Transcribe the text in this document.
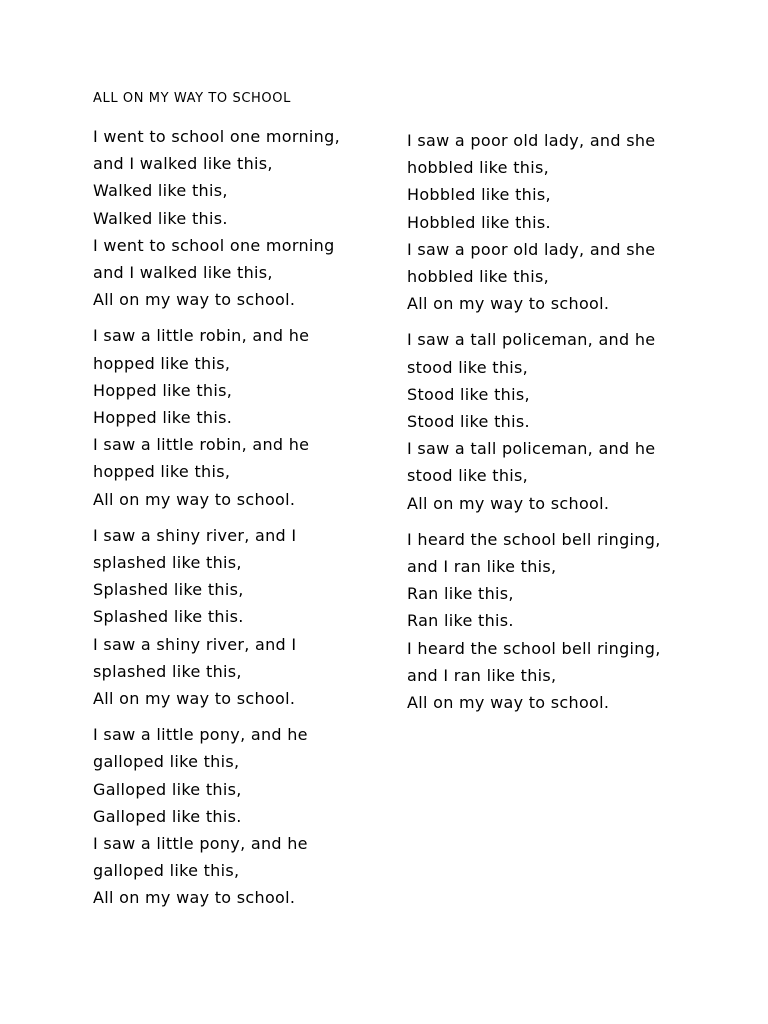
ALL ON MY WAY TO SCHOOL
I went to school one morning,
and I walked like this,
Walked like this,
Walked like this.
I went to school one morning
and I walked like this,
All on my way to school.
I saw a little robin, and he
hopped like this,
Hopped like this,
Hopped like this.
I saw a little robin, and he
hopped like this,
All on my way to school.
I saw a shiny river, and I
splashed like this,
Splashed like this,
Splashed like this.
I saw a shiny river, and I
splashed like this,
All on my way to school.
I saw a little pony, and he
galloped like this,
Galloped like this,
Galloped like this.
I saw a little pony, and he
galloped like this,
All on my way to school.
I saw a poor old lady, and she
hobbled like this,
Hobbled like this,
Hobbled like this.
I saw a poor old lady, and she
hobbled like this,
All on my way to school.
I saw a tall policeman, and he
stood like this,
Stood like this,
Stood like this.
I saw a tall policeman, and he
stood like this,
All on my way to school.
I heard the school bell ringing,
and I ran like this,
Ran like this,
Ran like this.
I heard the school bell ringing,
and I ran like this,
All on my way to school.
